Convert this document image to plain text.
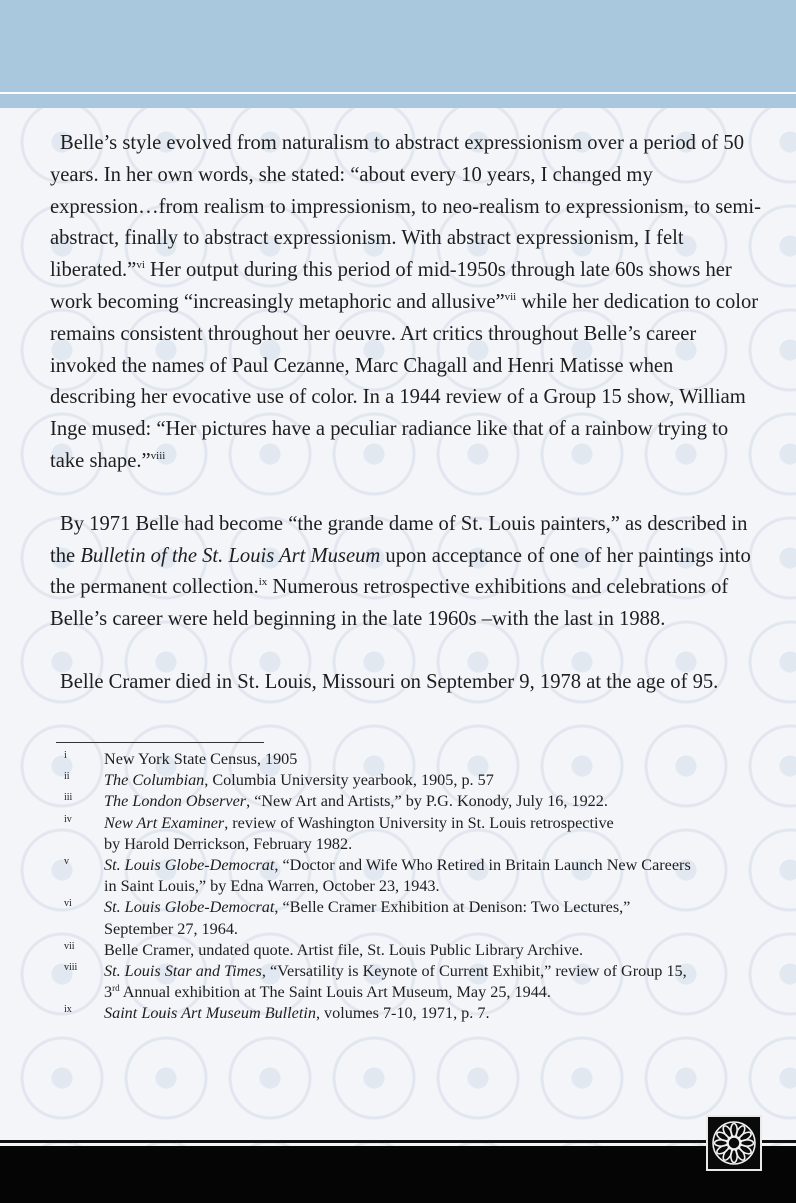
Belle’s style evolved from naturalism to abstract expressionism over a period of 50 years. In her own words, she stated: “about every 10 years, I changed my expression…from realism to impressionism, to neo-realism to expressionism, to semi-abstract, finally to abstract expressionism. With abstract expressionism, I felt liberated.”$^{vi}$ Her output during this period of mid-1950s through late 60s shows her work becoming “increasingly metaphoric and allusive”$^{vii}$ while her dedication to color remains consistent throughout her oeuvre. Art critics throughout Belle’s career invoked the names of Paul Cezanne, Marc Chagall and Henri Matisse when describing her evocative use of color. In a 1944 review of a Group 15 show, William Inge mused: “Her pictures have a peculiar radiance like that of a rainbow trying to take shape.”$^{viii}$

By 1971 Belle had become “the grande dame of St. Louis painters,” as described in the Bulletin of the St. Louis Art Museum upon acceptance of one of her paintings into the permanent collection.$^{ix}$ Numerous retrospective exhibitions and celebrations of Belle’s career were held beginning in the late 1960s –with the last in 1988.

Belle Cramer died in St. Louis, Missouri on September 9, 1978 at the age of 95.

i	New York State Census, 1905
ii	The Columbian, Columbia University yearbook, 1905, p. 57
iii	The London Observer, “New Art and Artists,” by P.G. Konody, July 16, 1922.
iv	New Art Examiner, review of Washington University in St. Louis retrospective
by Harold Derrickson, February 1982.
v	St. Louis Globe-Democrat, “Doctor and Wife Who Retired in Britain Launch New Careers
in Saint Louis,” by Edna Warren, October 23, 1943.
vi	St. Louis Globe-Democrat, “Belle Cramer Exhibition at Denison: Two Lectures,”
September 27, 1964.
vii	Belle Cramer, undated quote. Artist file, St. Louis Public Library Archive.
viii	St. Louis Star and Times, “Versatility is Keynote of Current Exhibit,” review of Group 15,
3rd Annual exhibition at The Saint Louis Art Museum, May 25, 1944.
ix	Saint Louis Art Museum Bulletin, volumes 7-10, 1971, p. 7.
